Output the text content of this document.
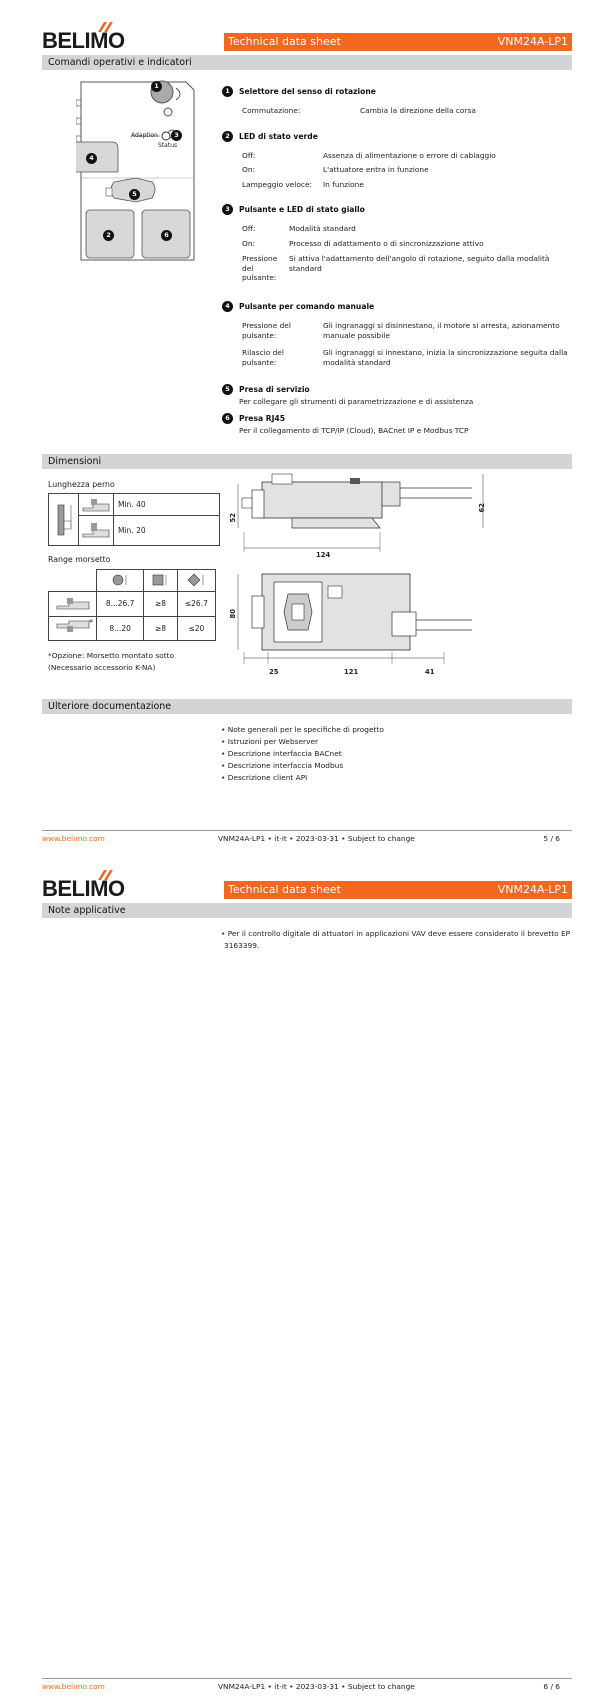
BELIMO	Technical data sheet	VNM24A-LP1
Comandi operativi e indicatori
Adaption
Status
1
3
4
5
2	6
1	Selettore del senso di rotazione
Commutazione:	Cambia la direzione della corsa
2	LED di stato verde
Off:	Assenza di alimentazione o errore di cablaggio
On:	L'attuatore entra in funzione
Lampeggio veloce: In funzione
3	Pulsante e LED di stato giallo
Off:	Modalità standard
On:	Processo di adattamento o di sincronizzazione attivo
Pressione del pulsante:
Si attiva l'adattamento dell'angolo di rotazione, seguito dalla modalità standard
4	Pulsante per comando manuale
Pressione del pulsante:
Gli ingranaggi si disinnestano, il motore si arresta, azionamento manuale possibile
Rilascio del pulsante:
Gli ingranaggi si innestano, inizia la sincronizzazione seguita dalla modalità standard
5	Presa di servizio
Per collegare gli strumenti di parametrizzazione e di assistenza
6	Presa RJ45
Per il collegamento di TCP/IP (Cloud), BACnet IP e Modbus TCP
Dimensioni
Lunghezza perno
		Min. 40
	Min. 20
Range morsetto

	8...26.7	≥8	≤26.7

*	8...20	≥8	≤20
*Opzione: Morsetto montato sotto
(Necessario accessorio K-NA)
52
62
124
80
25	121	41
Ulteriore documentazione
• Note generali per le specifiche di progetto
• Istruzioni per Webserver
• Descrizione interfaccia BACnet
• Descrizione interfaccia Modbus
• Descrizione client API
www.belimo.com	VNM24A-LP1 • it-it • 2023-03-31 • Subject to change	5 / 6
BELIMO	Technical data sheet	VNM24A-LP1
Note applicative
• Per il controllo digitale di attuatori in applicazioni VAV deve essere considerato il brevetto EP
3163399.
www.belimo.com	VNM24A-LP1 • it-it • 2023-03-31 • Subject to change	6 / 6
